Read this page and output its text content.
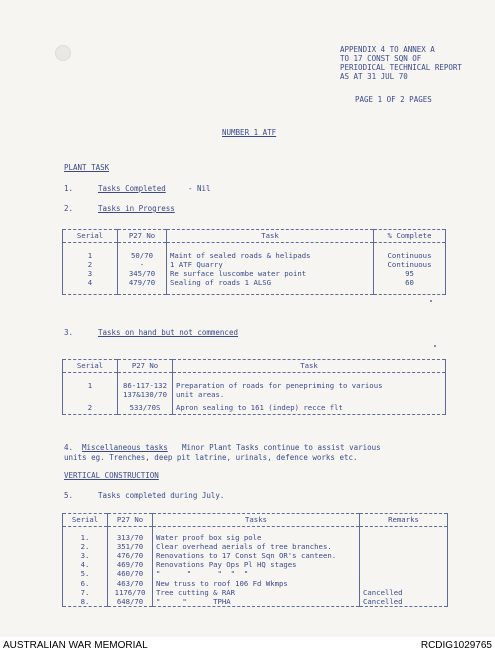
APPENDIX 4 TO ANNEX A
TO 17 CONST SQN OF
PERIODICAL TECHNICAL REPORT
AS AT 31 JUL 70
PAGE 1 OF 2 PAGES
NUMBER 1 ATF
PLANT TASK
1.	Tasks Completed	- Nil
2.	Tasks in Progress
Serial	P27 No	Task	% Complete

1	50/70	Maint of sealed roads & helipads	Continuous
2	-	1 ATF Quarry	Continuous
3	345/70	Re surface luscombe water point	95
4	479/70	Sealing of roads 1 ALSG	60

3.	Tasks on hand but not commenced
Serial	P27 No	Task

1	86-117-132	Preparation of roads for penepriming to various
	137&130/70	unit areas.

2	533/70S	Apron sealing to 161 (indep) recce flt

4. Miscellaneous tasks Minor Plant Tasks continue to assist various
units eg. Trenches, deep pit latrine, urinals, defence works etc.
VERTICAL CONSTRUCTION
5.	Tasks completed during July.
Serial	P27 No	Tasks	Remarks

1.	313/70	Water proof box sig pole	
2.	351/70	Clear overhead aerials of tree branches.	
3.	476/70	Renovations to 17 Const Sqn OR's canteen.	
4.	469/70	Renovations Pay Ops Pl HQ stages	
5.	460/70	"      "      "  "  "	
6.	463/70	New truss to roof 106 Fd Wkmps	
7.	1176/70	Tree cutting & RAR	Cancelled
8.	648/70	"     "      TPHA	Cancelled
AUSTRALIAN WAR MEMORIAL	RCDIG1029765
